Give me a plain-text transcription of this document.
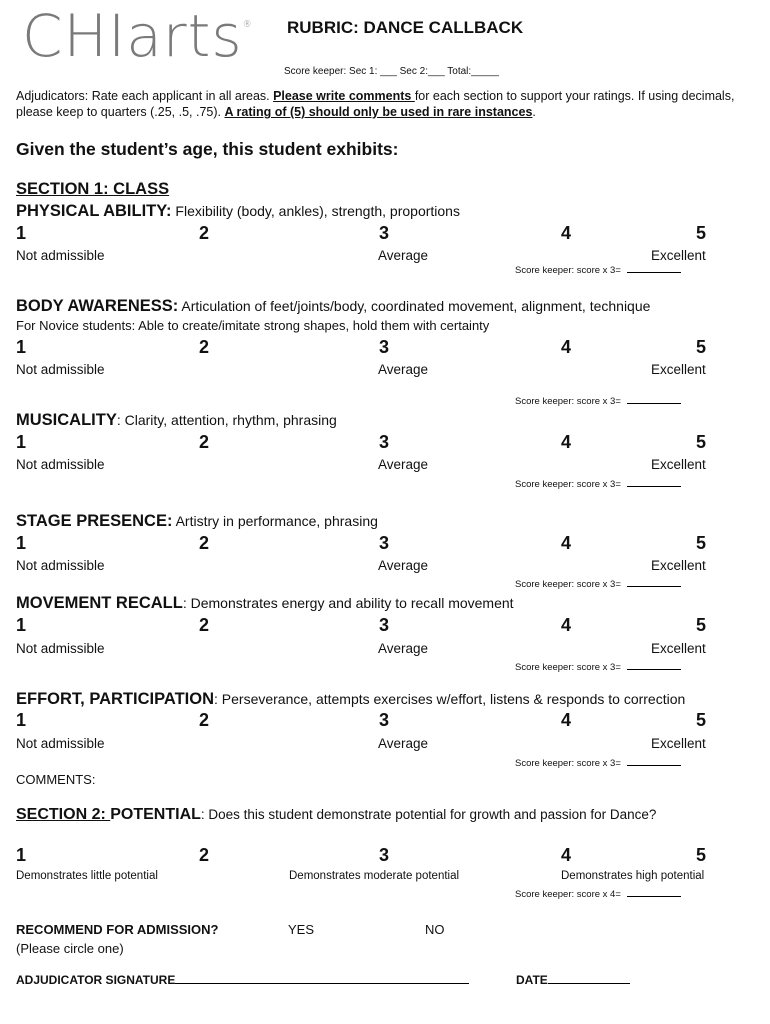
CHIarts® RUBRIC: DANCE CALLBACK
Score keeper: Sec 1: ___ Sec 2:___ Total:_____
Adjudicators: Rate each applicant in all areas. Please write comments for each section to support your ratings. If using decimals, please keep to quarters (.25, .5, .75). A rating of (5) should only be used in rare instances.
Given the student’s age, this student exhibits:
SECTION 1: CLASS
PHYSICAL ABILITY: Flexibility (body, ankles), strength, proportions
1	2	3	4	5
Not admissible	Average	Excellent
Score keeper: score x 3=
BODY AWARENESS: Articulation of feet/joints/body, coordinated movement, alignment, technique
For Novice students: Able to create/imitate strong shapes, hold them with certainty
1	2	3	4	5
Not admissible	Average	Excellent
Score keeper: score x 3=
MUSICALITY: Clarity, attention, rhythm, phrasing
1	2	3	4	5
Not admissible	Average	Excellent
Score keeper: score x 3=
STAGE PRESENCE: Artistry in performance, phrasing
1	2	3	4	5
Not admissible	Average	Excellent
Score keeper: score x 3=
MOVEMENT RECALL: Demonstrates energy and ability to recall movement
1	2	3	4	5
Not admissible	Average	Excellent
Score keeper: score x 3=
EFFORT, PARTICIPATION: Perseverance, attempts exercises w/effort, listens & responds to correction
1	2	3	4	5
Not admissible	Average	Excellent
Score keeper: score x 3=
COMMENTS:
SECTION 2: POTENTIAL: Does this student demonstrate potential for growth and passion for Dance?
1	2	3	4	5
Demonstrates little potential	Demonstrates moderate potential	Demonstrates high potential
Score keeper: score x 4=
RECOMMEND FOR ADMISSION?
(Please circle one)
YES	NO
ADJUDICATOR SIGNATURE	DATE
